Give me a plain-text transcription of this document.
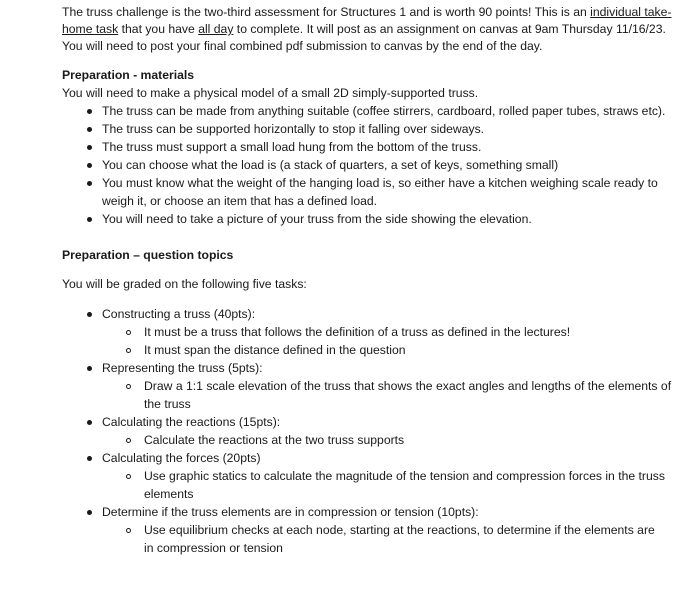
The truss challenge is the two-third assessment for Structures 1 and is worth 90 points! This is an individual take-
home task that you have all day to complete. It will post as an assignment on canvas at 9am Thursday 11/16/23.
You will need to post your final combined pdf submission to canvas by the end of the day.
Preparation - materials
You will need to make a physical model of a small 2D simply-supported truss.
The truss can be made from anything suitable (coffee stirrers, cardboard, rolled paper tubes, straws etc).
The truss can be supported horizontally to stop it falling over sideways.
The truss must support a small load hung from the bottom of the truss.
You can choose what the load is (a stack of quarters, a set of keys, something small)
You must know what the weight of the hanging load is, so either have a kitchen weighing scale ready to
weigh it, or choose an item that has a defined load.
You will need to take a picture of your truss from the side showing the elevation.
Preparation – question topics
You will be graded on the following five tasks:
Constructing a truss (40pts):
It must be a truss that follows the definition of a truss as defined in the lectures!
It must span the distance defined in the question
Representing the truss (5pts):
Draw a 1:1 scale elevation of the truss that shows the exact angles and lengths of the elements of
the truss
Calculating the reactions (15pts):
Calculate the reactions at the two truss supports
Calculating the forces (20pts)
Use graphic statics to calculate the magnitude of the tension and compression forces in the truss
elements
Determine if the truss elements are in compression or tension (10pts):
Use equilibrium checks at each node, starting at the reactions, to determine if the elements are
in compression or tension
